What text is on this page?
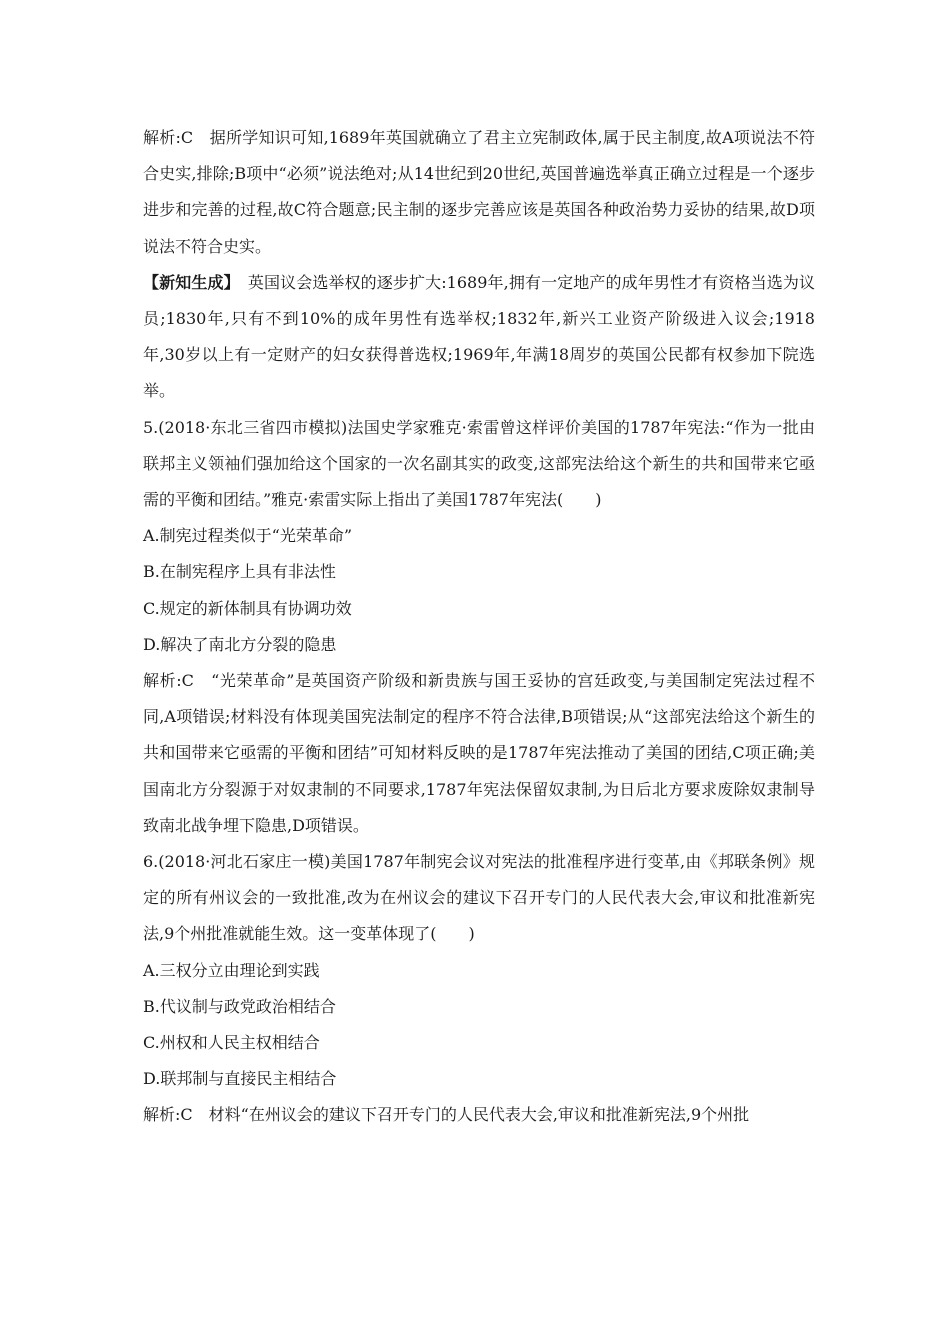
解析:C　据所学知识可知,1689年英国就确立了君主立宪制政体,属于民主制度,故A项说法不符合史实,排除;B项中“必须”说法绝对;从14世纪到20世纪,英国普遍选举真正确立过程是一个逐步进步和完善的过程,故C符合题意;民主制的逐步完善应该是英国各种政治势力妥协的结果,故D项说法不符合史实。

【新知生成】　英国议会选举权的逐步扩大:1689年,拥有一定地产的成年男性才有资格当选为议员;1830年,只有不到10%的成年男性有选举权;1832年,新兴工业资产阶级进入议会;1918年,30岁以上有一定财产的妇女获得普选权;1969年,年满18周岁的英国公民都有权参加下院选举。

5.(2018·东北三省四市模拟)法国史学家雅克·索雷曾这样评价美国的1787年宪法:“作为一批由联邦主义领袖们强加给这个国家的一次名副其实的政变,这部宪法给这个新生的共和国带来它亟需的平衡和团结。”雅克·索雷实际上指出了美国1787年宪法(　　)

A.制宪过程类似于“光荣革命”

B.在制宪程序上具有非法性

C.规定的新体制具有协调功效

D.解决了南北方分裂的隐患

解析:C　“光荣革命”是英国资产阶级和新贵族与国王妥协的宫廷政变,与美国制定宪法过程不同,A项错误;材料没有体现美国宪法制定的程序不符合法律,B项错误;从“这部宪法给这个新生的共和国带来它亟需的平衡和团结”可知材料反映的是1787年宪法推动了美国的团结,C项正确;美国南北方分裂源于对奴隶制的不同要求,1787年宪法保留奴隶制,为日后北方要求废除奴隶制导致南北战争埋下隐患,D项错误。

6.(2018·河北石家庄一模)美国1787年制宪会议对宪法的批准程序进行变革,由《邦联条例》规定的所有州议会的一致批准,改为在州议会的建议下召开专门的人民代表大会,审议和批准新宪法,9个州批准就能生效。这一变革体现了(　　)

A.三权分立由理论到实践

B.代议制与政党政治相结合

C.州权和人民主权相结合

D.联邦制与直接民主相结合

解析:C　材料“在州议会的建议下召开专门的人民代表大会,审议和批准新宪法,9个州批
